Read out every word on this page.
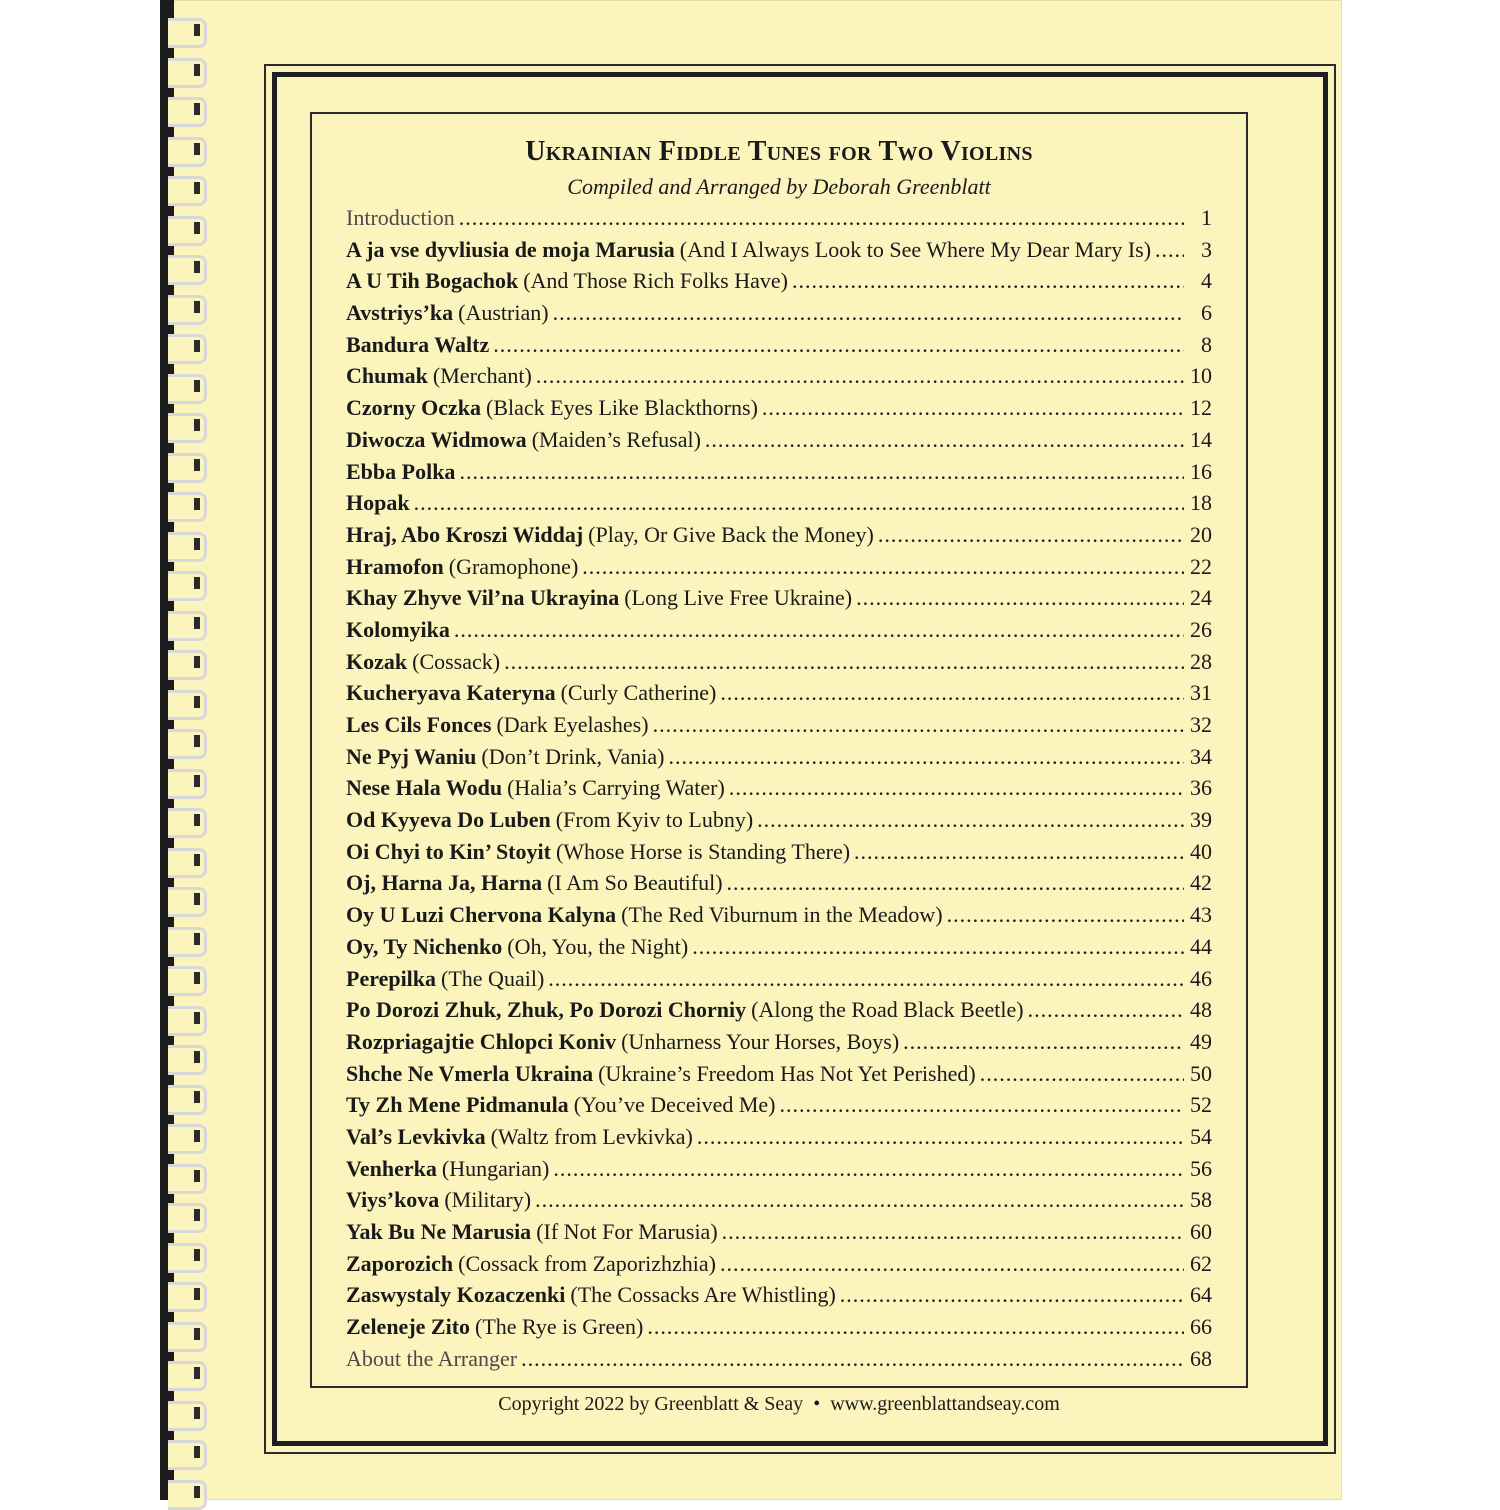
Ukrainian Fiddle Tunes for Two Violins
Compiled and Arranged by Deborah Greenblatt
Introduction .....	1
A ja vse dyvliusia de moja Marusia (And I Always Look to See Where My Dear Mary Is) .....	3
A U Tih Bogachok (And Those Rich Folks Have) .....	4
Avstriys’ka (Austrian) .....	6
Bandura Waltz .....	8
Chumak (Merchant) .....	10
Czorny Oczka (Black Eyes Like Blackthorns) .....	12
Diwocza Widmowa (Maiden’s Refusal) .....	14
Ebba Polka .....	16
Hopak .....	18
Hraj, Abo Kroszi Widdaj (Play, Or Give Back the Money) .....	20
Hramofon (Gramophone) .....	22
Khay Zhyve Vil’na Ukrayina (Long Live Free Ukraine) .....	24
Kolomyika .....	26
Kozak (Cossack) .....	28
Kucheryava Kateryna (Curly Catherine) .....	31
Les Cils Fonces (Dark Eyelashes) .....	32
Ne Pyj Waniu (Don’t Drink, Vania) .....	34
Nese Hala Wodu (Halia’s Carrying Water) .....	36
Od Kyyeva Do Luben (From Kyiv to Lubny) .....	39
Oi Chyi to Kin’ Stoyit (Whose Horse is Standing There) .....	40
Oj, Harna Ja, Harna (I Am So Beautiful) .....	42
Oy U Luzi Chervona Kalyna (The Red Viburnum in the Meadow) .....	43
Oy, Ty Nichenko (Oh, You, the Night) .....	44
Perepilka (The Quail) .....	46
Po Dorozi Zhuk, Zhuk, Po Dorozi Chorniy (Along the Road Black Beetle) .....	48
Rozpriagajtie Chlopci Koniv (Unharness Your Horses, Boys) .....	49
Shche Ne Vmerla Ukraina (Ukraine’s Freedom Has Not Yet Perished) .....	50
Ty Zh Mene Pidmanula (You’ve Deceived Me) .....	52
Val’s Levkivka (Waltz from Levkivka) .....	54
Venherka (Hungarian) .....	56
Viys’kova (Military) .....	58
Yak Bu Ne Marusia (If Not For Marusia) .....	60
Zaporozich (Cossack from Zaporizhzhia) .....	62
Zaswystaly Kozaczenki (The Cossacks Are Whistling) .....	64
Zeleneje Zito (The Rye is Green) .....	66
About the Arranger .....	68
Copyright 2022 by Greenblatt & Seay • www.greenblattandseay.com
